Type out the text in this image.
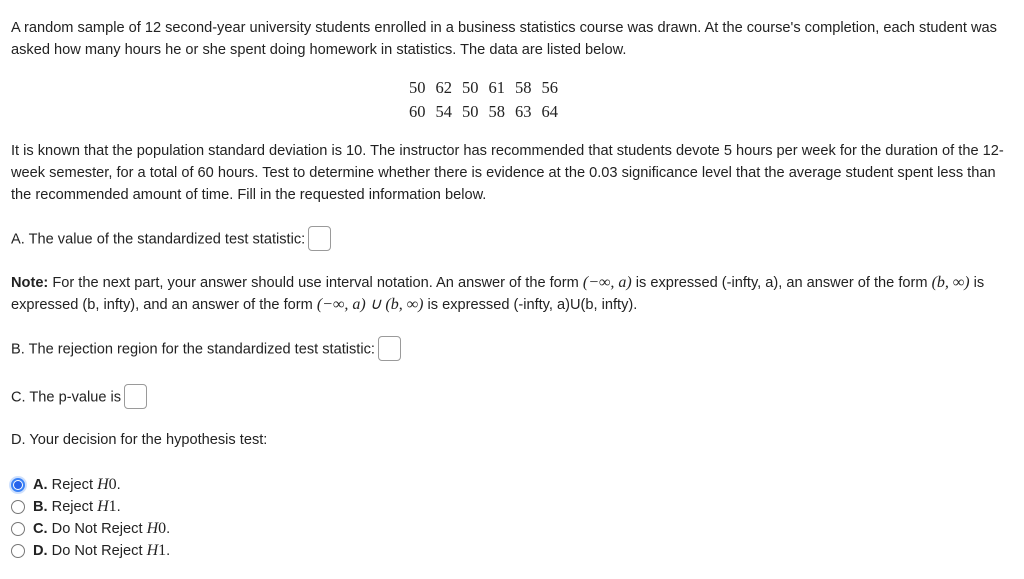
A random sample of 12 second-year university students enrolled in a business statistics course was drawn. At the course's completion, each student was asked how many hours he or she spent doing homework in statistics. The data are listed below.

50	62	50	61	58	56
60	54	50	58	63	64

It is known that the population standard deviation is 10. The instructor has recommended that students devote 5 hours per week for the duration of the 12-week semester, for a total of 60 hours. Test to determine whether there is evidence at the 0.03 significance level that the average student spent less than the recommended amount of time. Fill in the requested information below.

A. The value of the standardized test statistic:

Note: For the next part, your answer should use interval notation. An answer of the form (−∞, a) is expressed (-infty, a), an answer of the form (b, ∞) is expressed (b, infty), and an answer of the form (−∞, a) ∪ (b, ∞) is expressed (-infty, a)U(b, infty).

B. The rejection region for the standardized test statistic:
C. The p-value is
D. Your decision for the hypothesis test:
A.
Reject
H 0 .
B.
Reject
H 1 .
C.
Do Not Reject
H 0 .
D.
Do Not Reject
H 1 .
